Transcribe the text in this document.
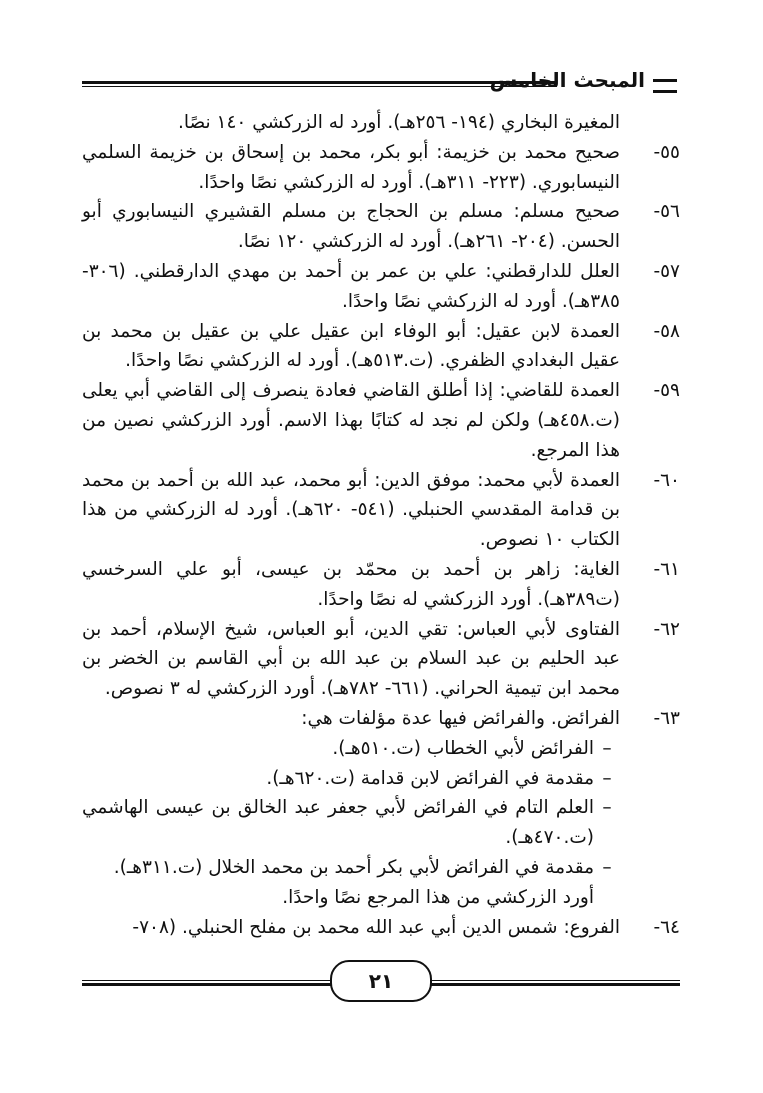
المبحث الخامس
المغيرة البخاري (١٩٤- ٢٥٦هـ). أورد له الزركشي ١٤٠ نصًا.
٥٥-
صحيح محمد بن خزيمة: أبو بكر، محمد بن إسحاق بن خزيمة السلمي النيسابوري. (٢٢٣- ٣١١هـ). أورد له الزركشي نصًا واحدًا.
٥٦-
صحيح مسلم: مسلم بن الحجاج بن مسلم القشيري النيسابوري أبو الحسن. (٢٠٤- ٢٦١هـ). أورد له الزركشي ١٢٠ نصًا.
٥٧-
العلل للدارقطني: علي بن عمر بن أحمد بن مهدي الدارقطني. (٣٠٦- ٣٨٥هـ). أورد له الزركشي نصًا واحدًا.
٥٨-
العمدة لابن عقيل: أبو الوفاء ابن عقيل علي بن عقيل بن محمد بن عقيل البغدادي الظفري. (ت.٥١٣هـ). أورد له الزركشي نصًا واحدًا.
٥٩-
العمدة للقاضي: إذا أطلق القاضي فعادة ينصرف إلى القاضي أبي يعلى (ت.٤٥٨هـ) ولكن لم نجد له كتابًا بهذا الاسم. أورد الزركشي نصين من هذا المرجع.
٦٠-
العمدة لأبي محمد: موفق الدين: أبو محمد، عبد الله بن أحمد بن محمد بن قدامة المقدسي الحنبلي. (٥٤١- ٦٢٠هـ). أورد له الزركشي من هذا الكتاب ١٠ نصوص.
٦١-
الغاية: زاهر بن أحمد بن محمّد بن عيسى، أبو علي السرخسي (ت٣٨٩هـ). أورد الزركشي له نصًا واحدًا.
٦٢-
الفتاوى لأبي العباس: تقي الدين، أبو العباس، شيخ الإسلام، أحمد بن عبد الحليم بن عبد السلام بن عبد الله بن أبي القاسم بن الخضر بن محمد ابن تيمية الحراني. (٦٦١- ٧٨٢هـ). أورد الزركشي له ٣ نصوص.
٦٣-
الفرائض. والفرائض فيها عدة مؤلفات هي:
–
الفرائض لأبي الخطاب (ت.٥١٠هـ).
–
مقدمة في الفرائض لابن قدامة (ت.٦٢٠هـ).
–
العلم التام في الفرائض لأبي جعفر عبد الخالق بن عيسى الهاشمي (ت.٤٧٠هـ).
–
مقدمة في الفرائض لأبي بكر أحمد بن محمد الخلال (ت.٣١١هـ).
أورد الزركشي من هذا المرجع نصًا واحدًا.
٦٤-
الفروع: شمس الدين أبي عبد الله محمد بن مفلح الحنبلي. (٧٠٨-
٢١
